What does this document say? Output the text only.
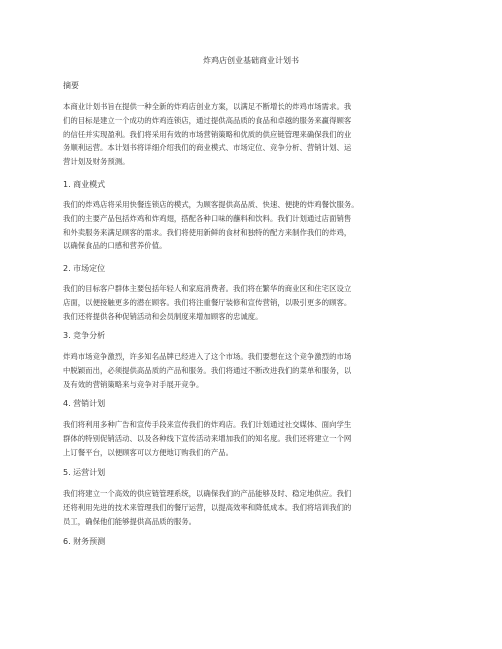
炸鸡店创业基础商业计划书

摘要

本商业计划书旨在提供一种全新的炸鸡店创业方案，以满足不断增长的炸鸡市场需求。我
们的目标是建立一个成功的炸鸡连锁店，通过提供高品质的食品和卓越的服务来赢得顾客
的信任并实现盈利。我们将采用有效的市场营销策略和优质的供应链管理来确保我们的业
务顺利运营。本计划书将详细介绍我们的商业模式、市场定位、竞争分析、营销计划、运
营计划及财务预测。

1. 商业模式

我们的炸鸡店将采用快餐连锁店的模式，为顾客提供高品质、快速、便捷的炸鸡餐饮服务。
我们的主要产品包括炸鸡和炸鸡翅，搭配各种口味的蘸料和饮料。我们计划通过店面销售
和外卖服务来满足顾客的需求。我们将使用新鲜的食材和独特的配方来制作我们的炸鸡，
以确保食品的口感和营养价值。

2. 市场定位

我们的目标客户群体主要包括年轻人和家庭消费者。我们将在繁华的商业区和住宅区设立
店面，以便接触更多的潜在顾客。我们将注重餐厅装修和宣传营销，以吸引更多的顾客。
我们还将提供各种促销活动和会员制度来增加顾客的忠诚度。

3. 竞争分析

炸鸡市场竞争激烈，许多知名品牌已经进入了这个市场。我们要想在这个竞争激烈的市场
中脱颖而出，必须提供高品质的产品和服务。我们将通过不断改进我们的菜单和服务，以
及有效的营销策略来与竞争对手展开竞争。

4. 营销计划

我们将利用多种广告和宣传手段来宣传我们的炸鸡店。我们计划通过社交媒体、面向学生
群体的特别促销活动、以及各种线下宣传活动来增加我们的知名度。我们还将建立一个网
上订餐平台，以便顾客可以方便地订购我们的产品。

5. 运营计划

我们将建立一个高效的供应链管理系统，以确保我们的产品能够及时、稳定地供应。我们
还将利用先进的技术来管理我们的餐厅运营，以提高效率和降低成本。我们将培训我们的
员工，确保他们能够提供高品质的服务。

6. 财务预测
